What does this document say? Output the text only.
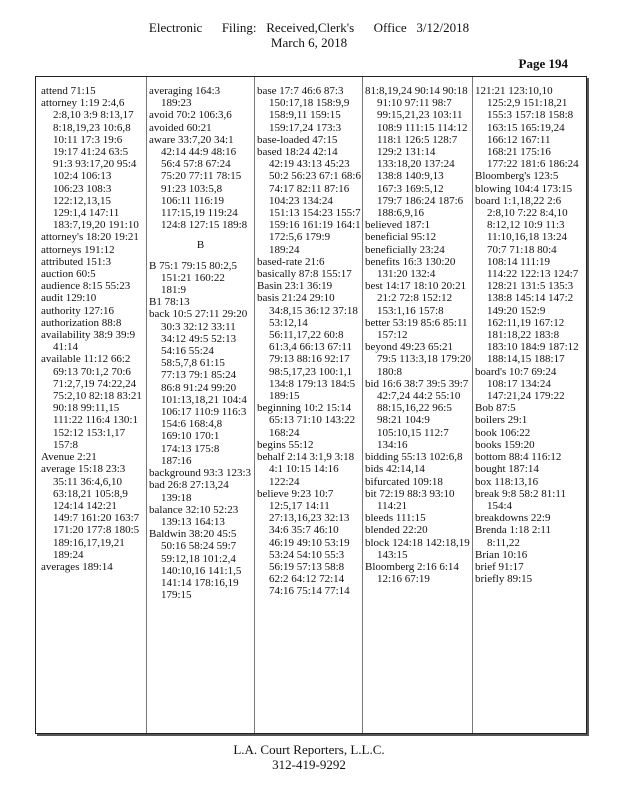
Electronic      Filing:   Received,Clerk's      Office   3/12/2018
March 6, 2018
Page 194
attend 71:15
attorney 1:19 2:4,6 2:8,10 3:9 8:13,17 8:18,19,23 10:6,8 10:11 17:3 19:6 19:17 41:24 63:5 91:3 93:17,20 95:4 102:4 106:13 106:23 108:3 122:12,13,15 129:1,4 147:11 183:7,19,20 191:10
attorney's 18:20 19:21
attorneys 191:12
attributed 151:3
auction 60:5
audience 8:15 55:23
audit 129:10
authority 127:16
authorization 88:8
availability 38:9 39:9 41:14
available 11:12 66:2 69:13 70:1,2 70:6 71:2,7,19 74:22,24 75:2,10 82:18 83:21 90:18 99:11,15 111:22 116:4 130:1 152:12 153:1,17 157:8
Avenue 2:21
average 15:18 23:3 35:11 36:4,6,10 63:18,21 105:8,9 124:14 142:21 149:7 161:20 163:7 171:20 177:8 180:5 189:16,17,19,21 189:24
averages 189:14
averaging 164:3 189:23
avoid 70:2 106:3,6
avoided 60:21
aware 33:7,20 34:1 42:14 44:9 48:16 56:4 57:8 67:24 75:20 77:11 78:15 91:23 103:5,8 106:11 116:19 117:15,19 119:24 124:8 127:15 189:8
B
B 75:1 79:15 80:2,5 151:21 160:22 181:9
B1 78:13
back 10:5 27:11 29:20 30:3 32:12 33:11 34:12 49:5 52:13 54:16 55:24 58:5,7,8 61:15 77:13 79:1 85:24 86:8 91:24 99:20 101:13,18,21 104:4 106:17 110:9 116:3 154:6 168:4,8 169:10 170:1 174:13 175:8 187:16
background 93:3 123:3
bad 26:8 27:13,24 139:18
balance 32:10 52:23 139:13 164:13
Baldwin 38:20 45:5 50:16 58:24 59:7 59:12,18 101:2,4 140:10,16 141:1,5 141:14 178:16,19 179:15
base 17:7 46:6 87:3 150:17,18 158:9,9 158:9,11 159:15 159:17,24 173:3
base-loaded 47:15
based 18:24 42:14 42:19 43:13 45:23 50:2 56:23 67:1 68:6 74:17 82:11 87:16 104:23 134:24 151:13 154:23 155:7 159:16 161:19 164:1 172:5,6 179:9 189:24
based-rate 21:6
basically 87:8 155:17
Basin 23:1 36:19
basis 21:24 29:10 34:8,15 36:12 37:18 53:12,14 56:11,17,22 60:8 61:3,4 66:13 67:11 79:13 88:16 92:17 98:5,17,23 100:1,1 134:8 179:13 184:5 189:15
beginning 10:2 15:14 65:13 71:10 143:22 168:24
begins 55:12
behalf 2:14 3:1,9 3:18 4:1 10:15 14:16 122:24
believe 9:23 10:7 12:5,17 14:11 27:13,16,23 32:13 34:6 35:7 46:10 46:19 49:10 53:19 53:24 54:10 55:3 56:19 57:13 58:8 62:2 64:12 72:14 74:16 75:14 77:14
81:8,19,24 90:14 90:18 91:10 97:11 98:7 99:15,21,23 103:11 108:9 111:15 114:12 118:1 126:5 128:7 129:2 131:14 133:18,20 137:24 138:8 140:9,13 167:3 169:5,12 179:7 186:24 187:6 188:6,9,16
believed 187:1
beneficial 95:12
beneficially 23:24
benefits 16:3 130:20 131:20 132:4
best 14:17 18:10 20:21 21:2 72:8 152:12 153:1,16 157:8
better 53:19 85:6 85:11 157:12
beyond 49:23 65:21 79:5 113:3,18 179:20 180:8
bid 16:6 38:7 39:5 39:7 42:7,24 44:2 55:10 88:15,16,22 96:5 98:21 104:9 105:10,15 112:7 134:16
bidding 55:13 102:6,8
bids 42:14,14
bifurcated 109:18
bit 72:19 88:3 93:10 114:21
bleeds 111:15
blended 22:20
block 124:18 142:18,19 143:15
Bloomberg 2:16 6:14 12:16 67:19
121:21 123:10,10 125:2,9 151:18,21 155:3 157:18 158:8 163:15 165:19,24 166:12 167:11 168:21 175:16 177:22 181:6 186:24
Bloomberg's 123:5
blowing 104:4 173:15
board 1:1,18,22 2:6 2:8,10 7:22 8:4,10 8:12,12 10:9 11:3 11:10,16,18 13:24 70:7 71:18 80:4 108:14 111:19 114:22 122:13 124:7 128:21 131:5 135:3 138:8 145:14 147:2 149:20 152:9 162:11,19 167:12 181:18,22 183:8 183:10 184:9 187:12 188:14,15 188:17
board's 10:7 69:24 108:17 134:24 147:21,24 179:22
Bob 87:5
boilers 29:1
book 106:22
books 159:20
bottom 88:4 116:12
bought 187:14
box 118:13,16
break 9:8 58:2 81:11 154:4
breakdowns 22:9
Brenda 1:18 2:11 8:11,22
Brian 10:16
brief 91:17
briefly 89:15
L.A. Court Reporters, L.L.C.
312-419-9292
